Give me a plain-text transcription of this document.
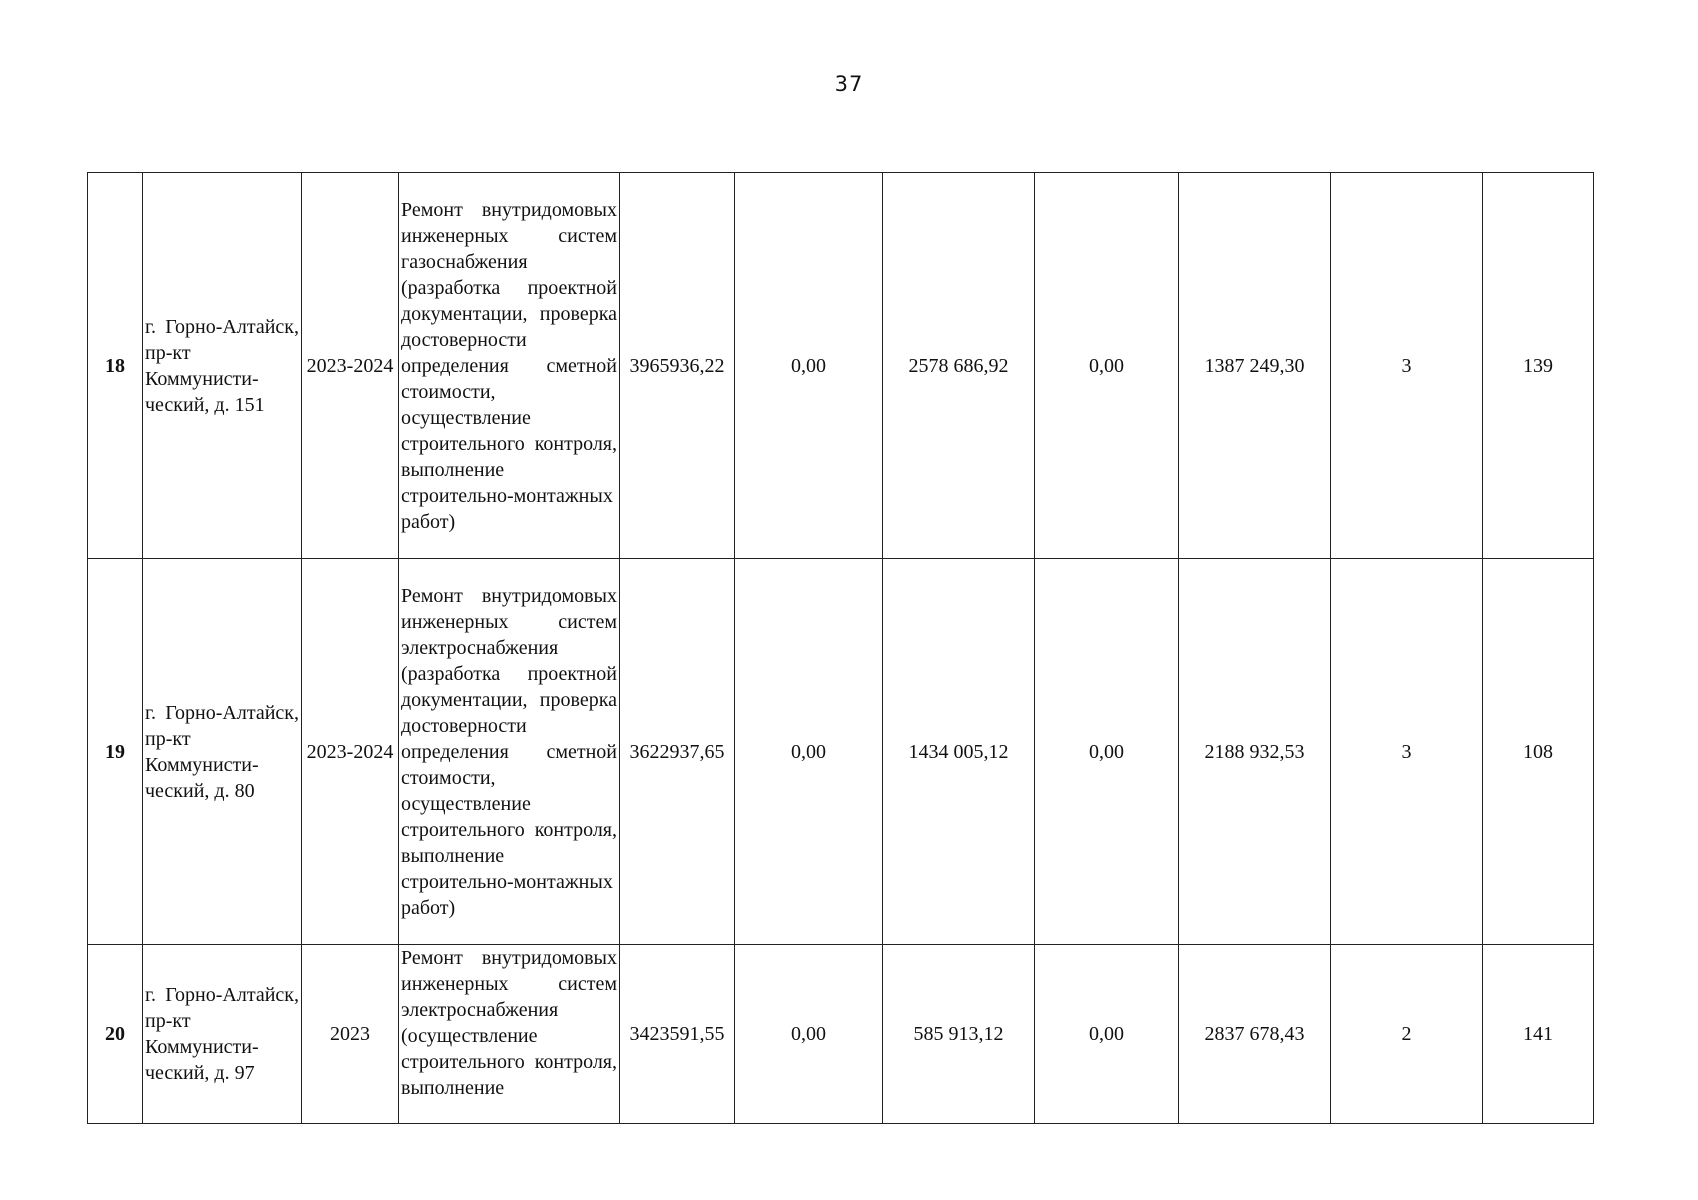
37
18	г. Горно-Алтайск, пр-кт Коммунисти-ческий, д. 151	2023-2024	Ремонт внутридомовых инженерных систем газоснабжения (разработка проектной документации, проверка достоверности определения сметной стоимости, осуществление строительного контроля, выполнение строительно-монтажных работ)	3965936,22	0,00	2578 686,92	0,00	1387 249,30	3	139
19	г. Горно-Алтайск, пр-кт Коммунисти-ческий, д. 80	2023-2024	Ремонт внутридомовых инженерных систем электроснабжения (разработка проектной документации, проверка достоверности определения сметной стоимости, осуществление строительного контроля, выполнение строительно-монтажных работ)	3622937,65	0,00	1434 005,12	0,00	2188 932,53	3	108
20	г. Горно-Алтайск, пр-кт Коммунисти-ческий, д. 97	2023	Ремонт внутридомовых инженерных систем электроснабжения (осуществление строительного контроля, выполнение	3423591,55	0,00	585 913,12	0,00	2837 678,43	2	141
